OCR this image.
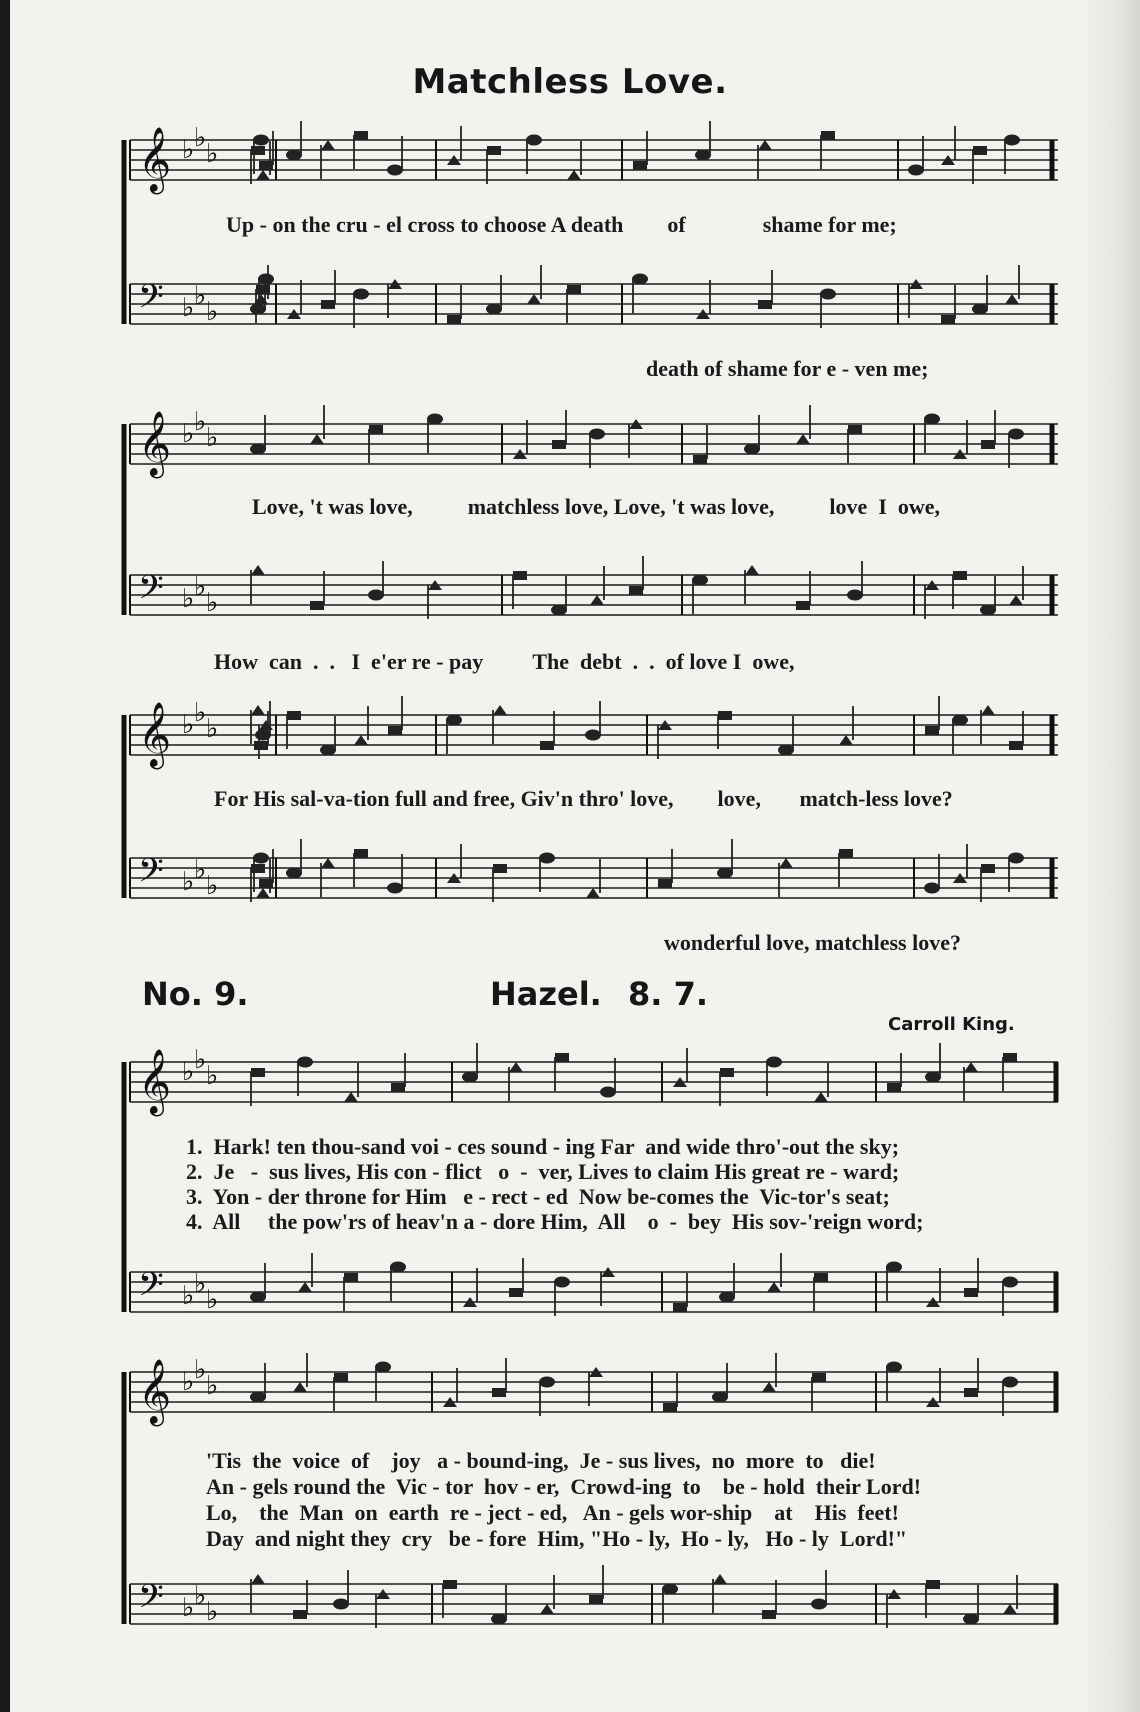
Matchless Love.
𝄞 ♭ ♭
♭
𝄢 ♭ ♭
♭
𝄞 ♭ ♭
♭
𝄢 ♭ ♭
♭
𝄞 ♭ ♭
♭
𝄢 ♭ ♭
♭
𝄞 ♭ ♭
♭
𝄢 ♭ ♭
♭
𝄞 ♭ ♭
♭
𝄢 ♭ ♭
♭
Up - on the cru - el cross to choose A death        of              shame for me;
death of shame for e - ven me;
Love, 't was love,          matchless love, Love, 't was love,          love  I  owe,
How  can  .  .   I  e'er re - pay         The  debt  .  .  of love I  owe,
For His sal-va-tion full and free, Giv'n thro' love,        love,       match-less love?
wonderful love, matchless love?
No. 9.	Hazel. 8. 7.
Carroll King.
1.  Hark! ten thou-sand voi - ces sound - ing Far  and wide thro'-out the sky;
2.  Je   -  sus lives, His con - flict   o  -  ver, Lives to claim His great re - ward;
3.  Yon - der throne for Him   e - rect - ed  Now be-comes the  Vic-tor's seat;
4.  All     the pow'rs of heav'n a - dore Him,  All    o  -  bey  His sov-'reign word;
'Tis  the  voice  of    joy   a - bound-ing,  Je - sus lives,  no  more  to   die!
An - gels round the  Vic - tor  hov - er,  Crowd-ing  to    be - hold  their Lord!
Lo,    the  Man  on  earth  re - ject - ed,   An - gels wor-ship    at    His  feet!
Day  and night they  cry   be - fore  Him, "Ho - ly,  Ho - ly,   Ho - ly  Lord!"
